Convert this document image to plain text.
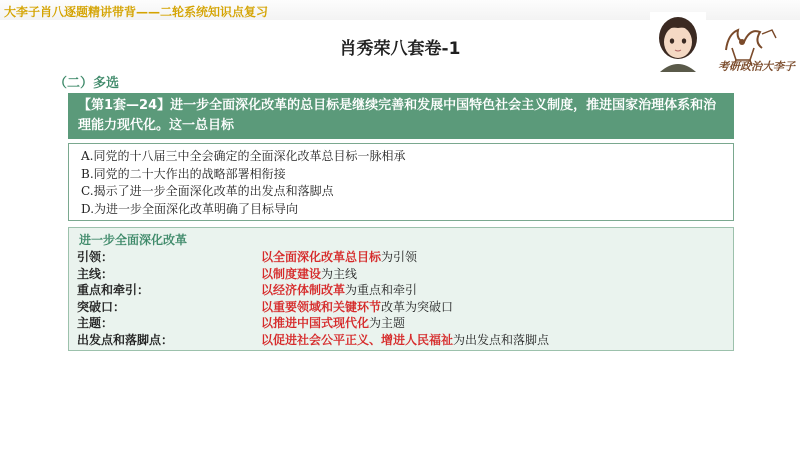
大李子肖八逐题精讲带背——二轮系统知识点复习
考研政治大李子
肖秀荣八套卷-1
（二）多选
【第1套—24】进一步全面深化改革的总目标是继续完善和发展中国特色社会主义制度，推进国家治理体系和治理能力现代化。这一总目标
A.同党的十八届三中全会确定的全面深化改革总目标一脉相承
B.同党的二十大作出的战略部署相衔接
C.揭示了进一步全面深化改革的出发点和落脚点
D.为进一步全面深化改革明确了目标导向
进一步全面深化改革
引领：	以全面深化改革总目标为引领
主线：	以制度建设为主线
重点和牵引：	以经济体制改革为重点和牵引
突破口：	以重要领域和关键环节改革为突破口
主题：	以推进中国式现代化为主题
出发点和落脚点：	以促进社会公平正义、增进人民福祉为出发点和落脚点
